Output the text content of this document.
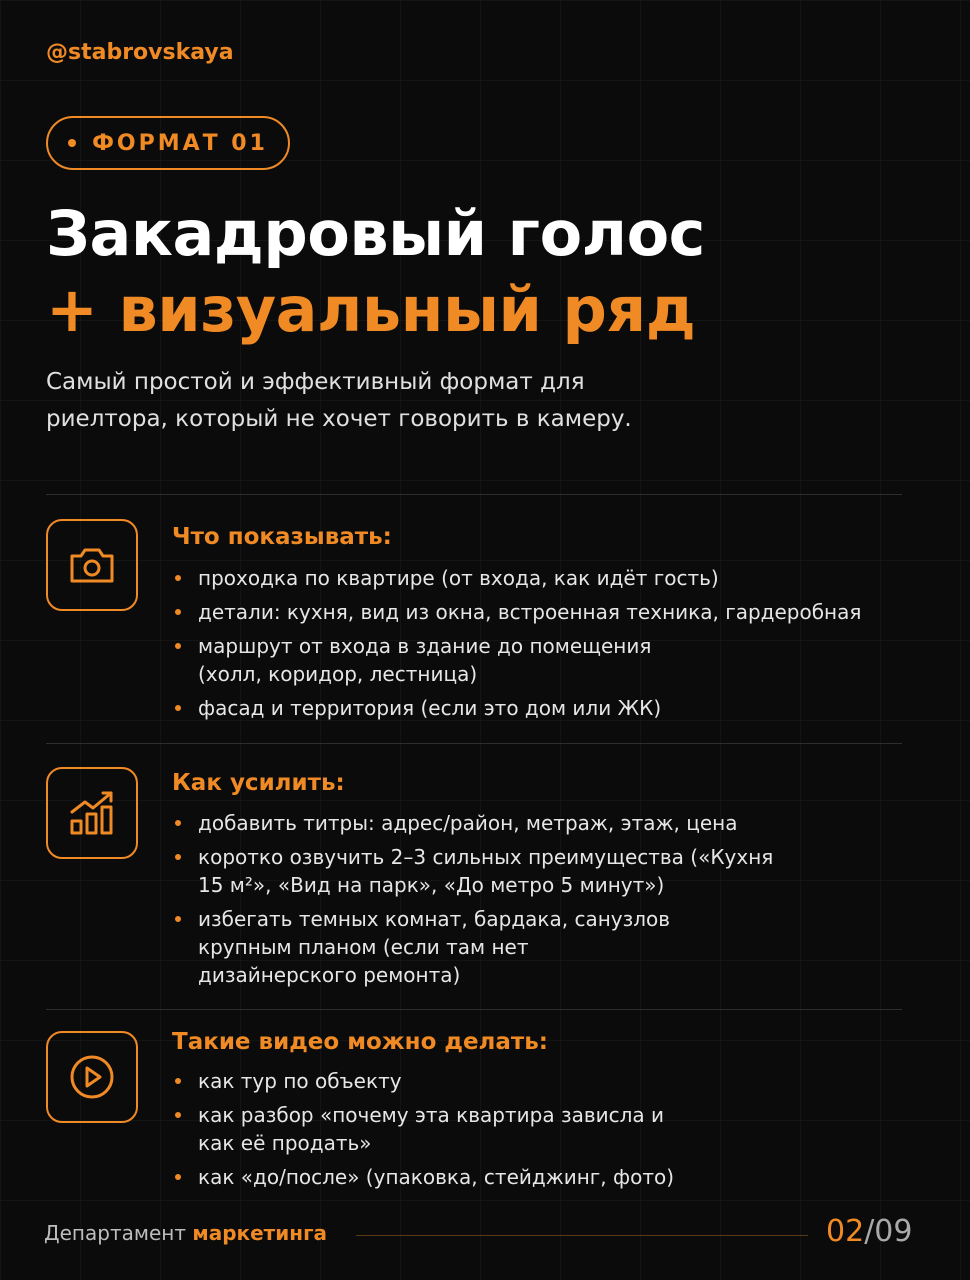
@stabrovskaya
ФОРМАТ 01
Закадровый голос
+ визуальный ряд
Самый простой и эффективный формат для риелтора, который не хочет говорить в камеру.
Что показывать:
проходка по квартире (от входа, как идёт гость)
детали: кухня, вид из окна, встроенная техника, гардеробная
маршрут от входа в здание до помещения (холл, коридор, лестница)
фасад и территория (если это дом или ЖК)
Как усилить:
добавить титры: адрес/район, метраж, этаж, цена
коротко озвучить 2–3 сильных преимущества («Кухня 15 м²», «Вид на парк», «До метро 5 минут»)
избегать темных комнат, бардака, санузлов крупным планом (если там нет дизайнерского ремонта)
Такие видео можно делать:
как тур по объекту
как разбор «почему эта квартира зависла и как её продать»
как «до/после» (упаковка, стейджинг, фото)
Департамент маркетинга	02/09
